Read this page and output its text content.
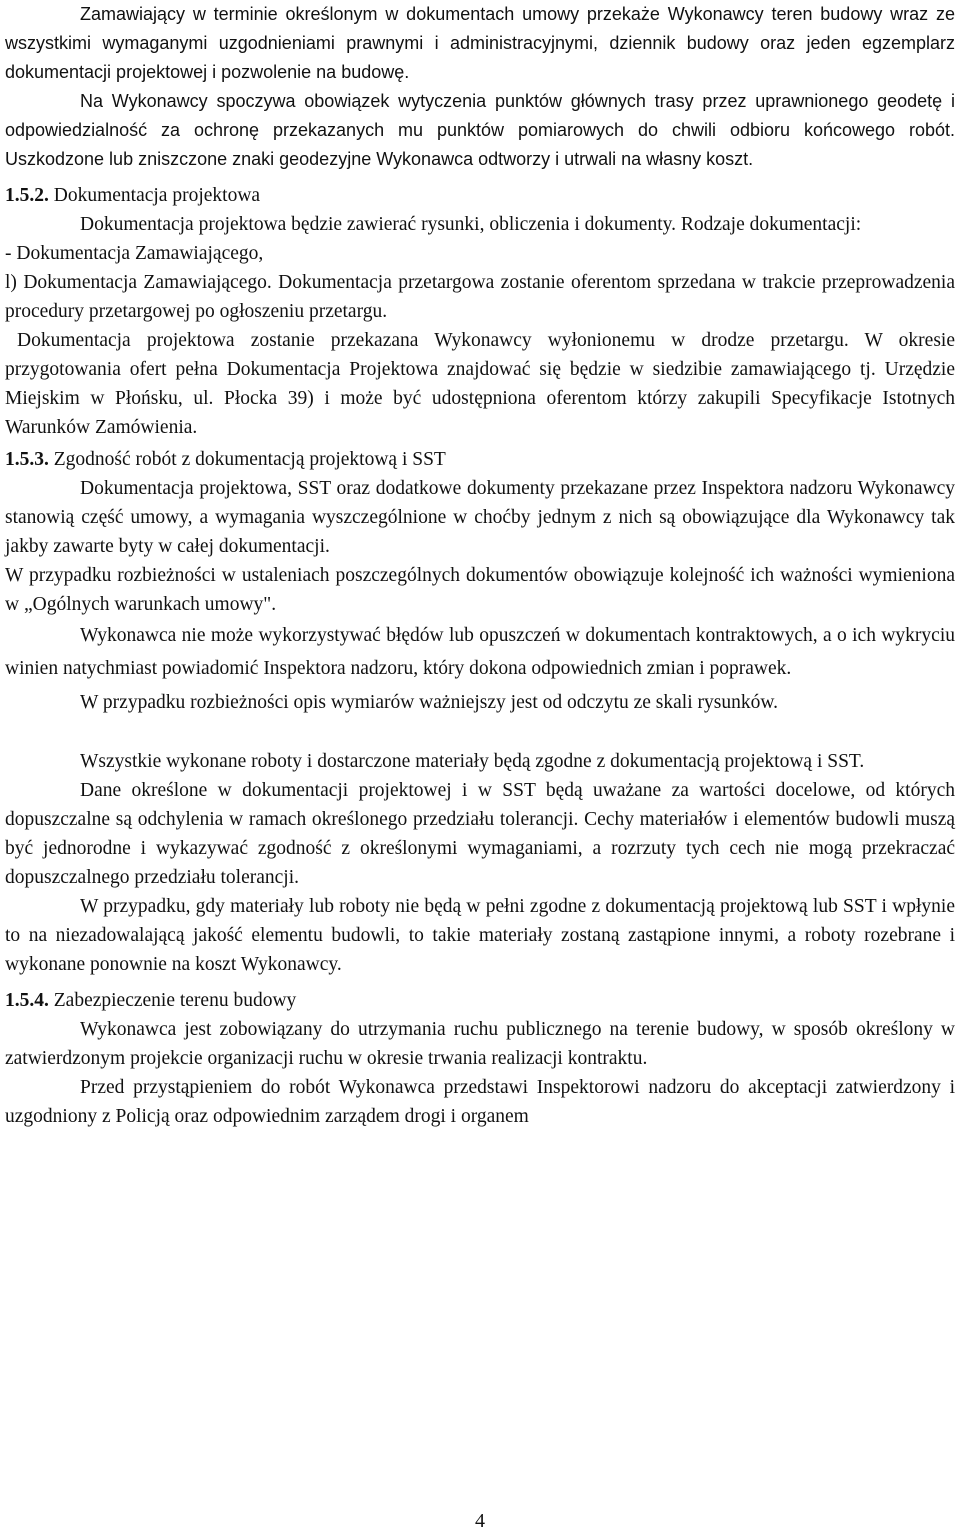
Zamawiający w terminie określonym w dokumentach umowy przekaże Wykonawcy teren budowy wraz ze wszystkimi wymaganymi uzgodnieniami prawnymi i administracyjnymi, dziennik budowy oraz jeden egzemplarz dokumentacji projektowej i pozwolenie na budowę.

Na Wykonawcy spoczywa obowiązek wytyczenia punktów głównych trasy przez uprawnionego geodetę i odpowiedzialność za ochronę przekazanych mu punktów pomiarowych do chwili odbioru końcowego robót. Uszkodzone lub zniszczone znaki geodezyjne Wykonawca odtworzy i utrwali na własny koszt.

1.5.2. Dokumentacja projektowa

Dokumentacja projektowa będzie zawierać rysunki, obliczenia i dokumenty. Rodzaje dokumentacji:

- Dokumentacja Zamawiającego,

l) Dokumentacja Zamawiającego. Dokumentacja przetargowa zostanie oferentom sprzedana w trakcie przeprowadzenia procedury przetargowej po ogłoszeniu przetargu.

Dokumentacja projektowa zostanie przekazana Wykonawcy wyłonionemu w drodze przetargu. W okresie przygotowania ofert pełna Dokumentacja Projektowa znajdować się będzie w siedzibie zamawiającego tj. Urzędzie Miejskim w Płońsku, ul. Płocka 39) i może być udostępniona oferentom którzy zakupili Specyfikacje Istotnych Warunków Zamówienia.

1.5.3. Zgodność robót z dokumentacją projektową i SST

Dokumentacja projektowa, SST oraz dodatkowe dokumenty przekazane przez Inspektora nadzoru Wykonawcy stanowią część umowy, a wymagania wyszczególnione w choćby jednym z nich są obowiązujące dla Wykonawcy tak jakby zawarte byty w całej dokumentacji.

W przypadku rozbieżności w ustaleniach poszczególnych dokumentów obowiązuje kolejność ich ważności wymieniona w „Ogólnych warunkach umowy".

Wykonawca nie może wykorzystywać błędów lub opuszczeń w dokumentach kontraktowych, a o ich wykryciu winien natychmiast powiadomić Inspektora nadzoru, który dokona odpowiednich zmian i poprawek.

W przypadku rozbieżności opis wymiarów ważniejszy jest od odczytu ze skali rysunków.

Wszystkie wykonane roboty i dostarczone materiały będą zgodne z dokumentacją projektową i SST.

Dane określone w dokumentacji projektowej i w SST będą uważane za wartości docelowe, od których dopuszczalne są odchylenia w ramach określonego przedziału tolerancji. Cechy materiałów i elementów budowli muszą być jednorodne i wykazywać zgodność z określonymi wymaganiami, a rozrzuty tych cech nie mogą przekraczać dopuszczalnego przedziału tolerancji.

W przypadku, gdy materiały lub roboty nie będą w pełni zgodne z dokumentacją projektową lub SST i wpłynie to na niezadowalającą jakość elementu budowli, to takie materiały zostaną zastąpione innymi, a roboty rozebrane i wykonane ponownie na koszt Wykonawcy.

1.5.4. Zabezpieczenie terenu budowy

Wykonawca jest zobowiązany do utrzymania ruchu publicznego na terenie budowy, w sposób określony w zatwierdzonym projekcie organizacji ruchu w okresie trwania realizacji kontraktu.

Przed przystąpieniem do robót Wykonawca przedstawi Inspektorowi nadzoru do akceptacji zatwierdzony i uzgodniony z Policją oraz odpowiednim zarządem drogi i organem

4
